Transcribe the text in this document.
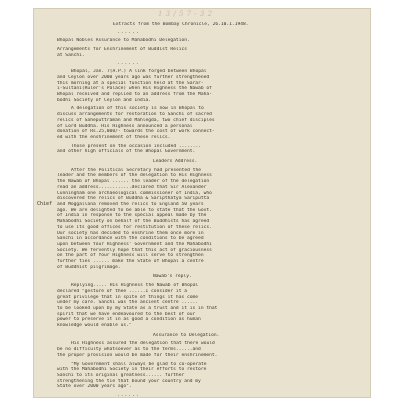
1 3 / 5 7 - 3 2
Chief
Extracts from the Bombay Chronicle, 26.10.1.1948.
......
Bhopal Nobles Assurance to Mahabodhi Delegation.
Arrangements for Enshrinement of Buddist Relics
at Sanchi.
......
Bhopal, Jan. 7(A.P.) A link forged between Bhopal
and Ceylon over 2000 years ago was further strengthened
this morning at a special function held at the Sarar-
i-Sultani(Ruler's Palace) when His Highness the Nawab of
Bhopal received and replied to an address from the Maha-
bodhi Society of Ceylon and India.
A delegation of this society is now in Bhopal to
discuss arrangements for restoration to Sanchi of sacred
relics of Saheputtraman and Mahlegda, two chief disciples
of Lord Buddha. His Highness announced a personal
donation of Rs.25,000/- towards the cost of work connect-
ed with the enshrinement of these relics.
Those present on the occasion included ........
and other high officials of the Bhopal Government.
Leaders Address.
After the Political Secretary had presented the
leader and the members of the delegation to His Highness
the Nawab of Bhopal ...... the leader of the delegation
read an address............declared that Sir Alexander
Cunningham one archaeological commissioner of India, who
discovered the relics of Buddha & Saripthatya Sariputta
and Moggallana removed the relics to England 50 years
ago. We are delighted to be able to state that the Govt.
of India in response to the special appeal made by the
Mahabodhi Society on behalf of the Buddhists has agreed
to use its good offices for restitution of these relics.
Our society has decided to enshrine them once more in
Sanchi in accordance with the conditions to be agreed
upon between Your Highness' Government and the Mahabodhi
Society. We fervently hope that this act of graciousness
on the part of Your Highness will serve to strengthen
further ties ...... make the State of Bhopal a centre
of Buddhist pilgrimage.
Nawab's reply.
Replying..... His Highness the Nawab of Bhopal
declared "gesture of thee ......I consider it a
great privilege that in spite of things it has come
under my care. Sanchi was the ancient centre ......
to be looked upon by my State as a trust and it is in that
spirit that we have endeavoured to the best of our
power to preserve it in as good a condition as human
knowledge would enable us."
Assurance to Delegation.
His Highness assured the delegation that there would
be no difficulty whatsoever as to the terms......and
the proper provision would be made for their enshrinement.
"My Government shall always be glad to co-operate
with the Mahabodhi Society in their efforts to restore
Sanchi to its original greatness...... further
strengthening the tie that bound your country and my
State over 2000 years ago".
......
